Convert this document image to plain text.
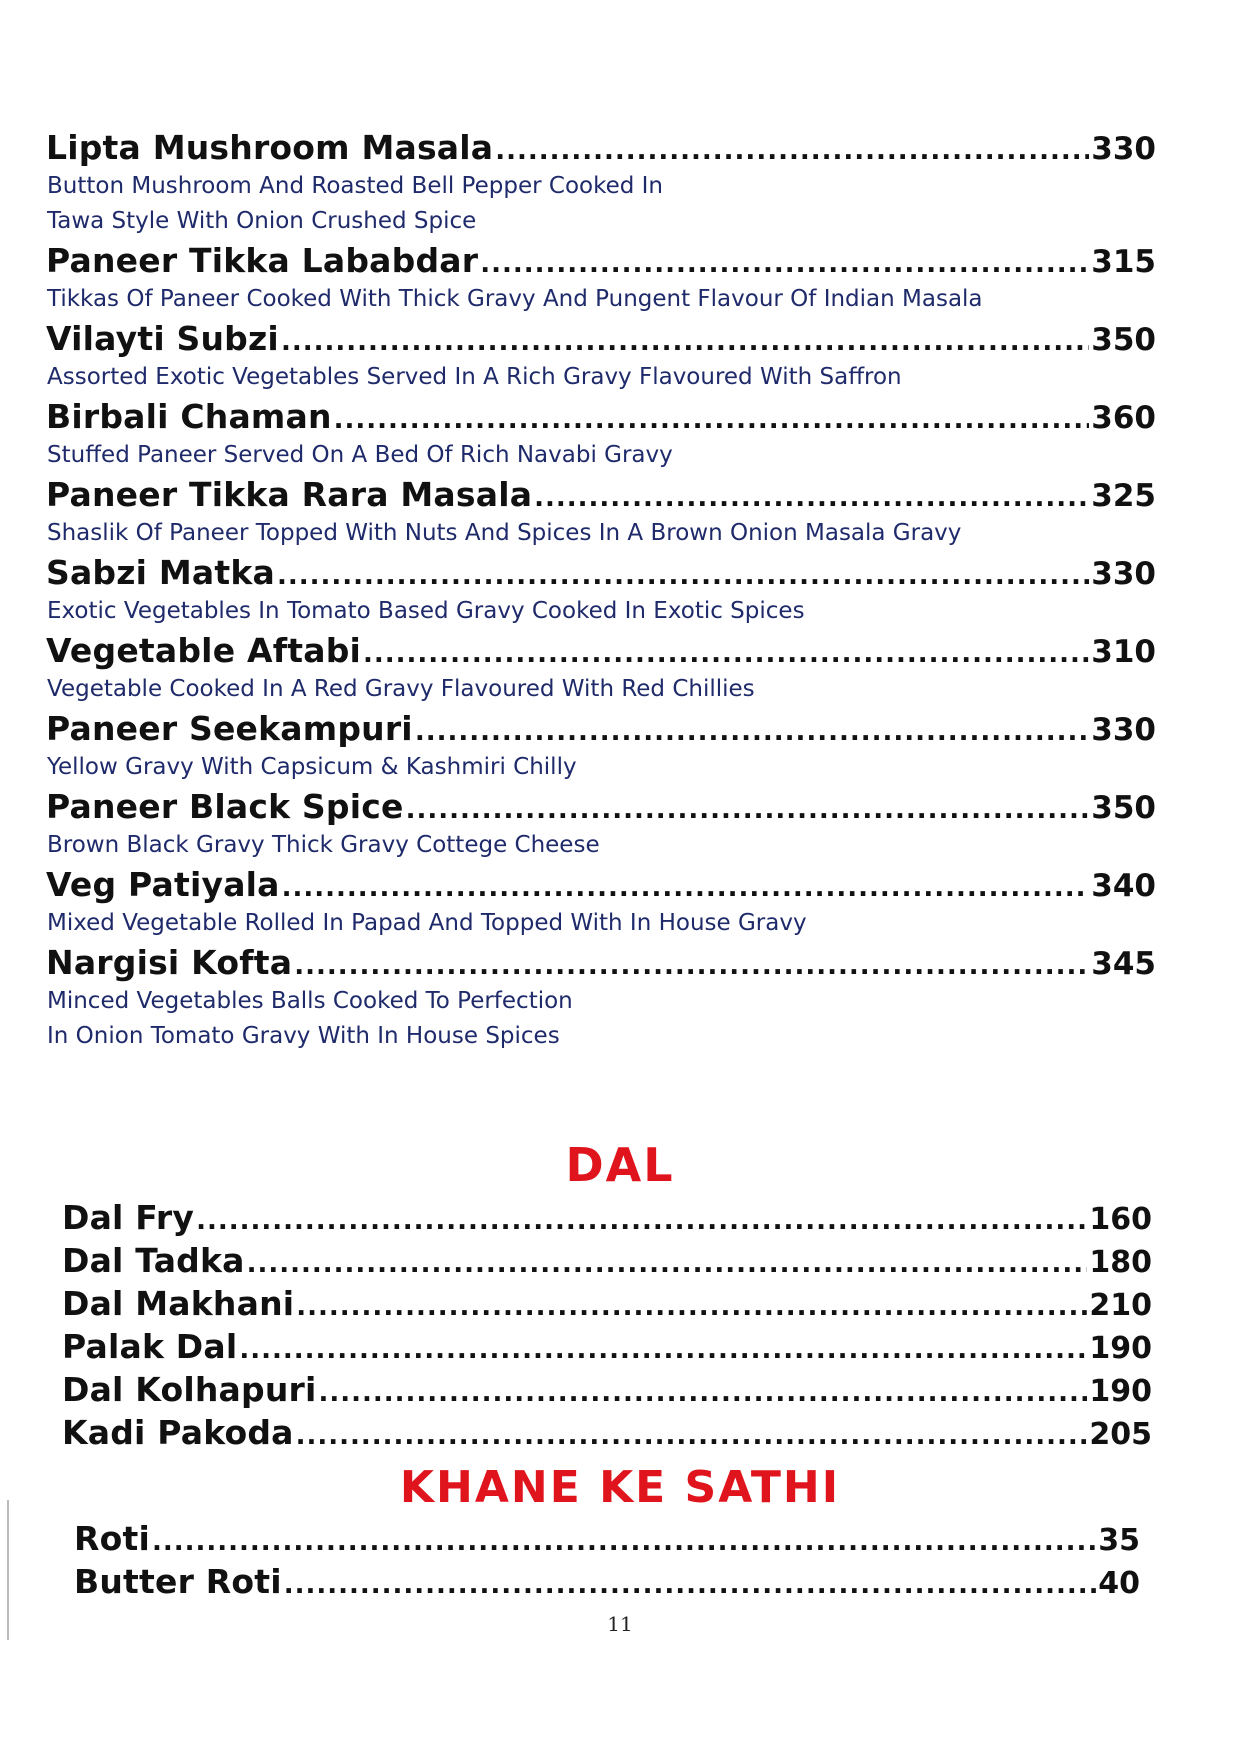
Lipta Mushroom Masala .....	330
Button Mushroom And Roasted Bell Pepper Cooked In
Tawa Style With Onion Crushed Spice
Paneer Tikka Lababdar .....	315
Tikkas Of Paneer Cooked With Thick Gravy And Pungent Flavour Of Indian Masala
Vilayti Subzi .....	350
Assorted Exotic Vegetables Served In A Rich Gravy Flavoured With Saffron
Birbali Chaman .....	360
Stuffed Paneer Served On A Bed Of Rich Navabi Gravy
Paneer Tikka Rara Masala .....	325
Shaslik Of Paneer Topped With Nuts And Spices In A Brown Onion Masala Gravy
Sabzi Matka .....	330
Exotic Vegetables In Tomato Based Gravy Cooked In Exotic Spices
Vegetable Aftabi .....	310
Vegetable Cooked In A Red Gravy Flavoured With Red Chillies
Paneer Seekampuri .....	330
Yellow Gravy With Capsicum & Kashmiri Chilly
Paneer Black Spice .....	350
Brown Black Gravy Thick Gravy Cottege Cheese
Veg Patiyala .....	340
Mixed Vegetable Rolled In Papad And Topped With In House Gravy
Nargisi Kofta .....	345
Minced Vegetables Balls Cooked To Perfection
In Onion Tomato Gravy With In House Spices
DAL
Dal Fry .....	160
Dal Tadka .....	180
Dal Makhani .....	210
Palak Dal .....	190
Dal Kolhapuri .....	190
Kadi Pakoda .....	205
KHANE KE SATHI
Roti .....	35
Butter Roti .....	40
11
